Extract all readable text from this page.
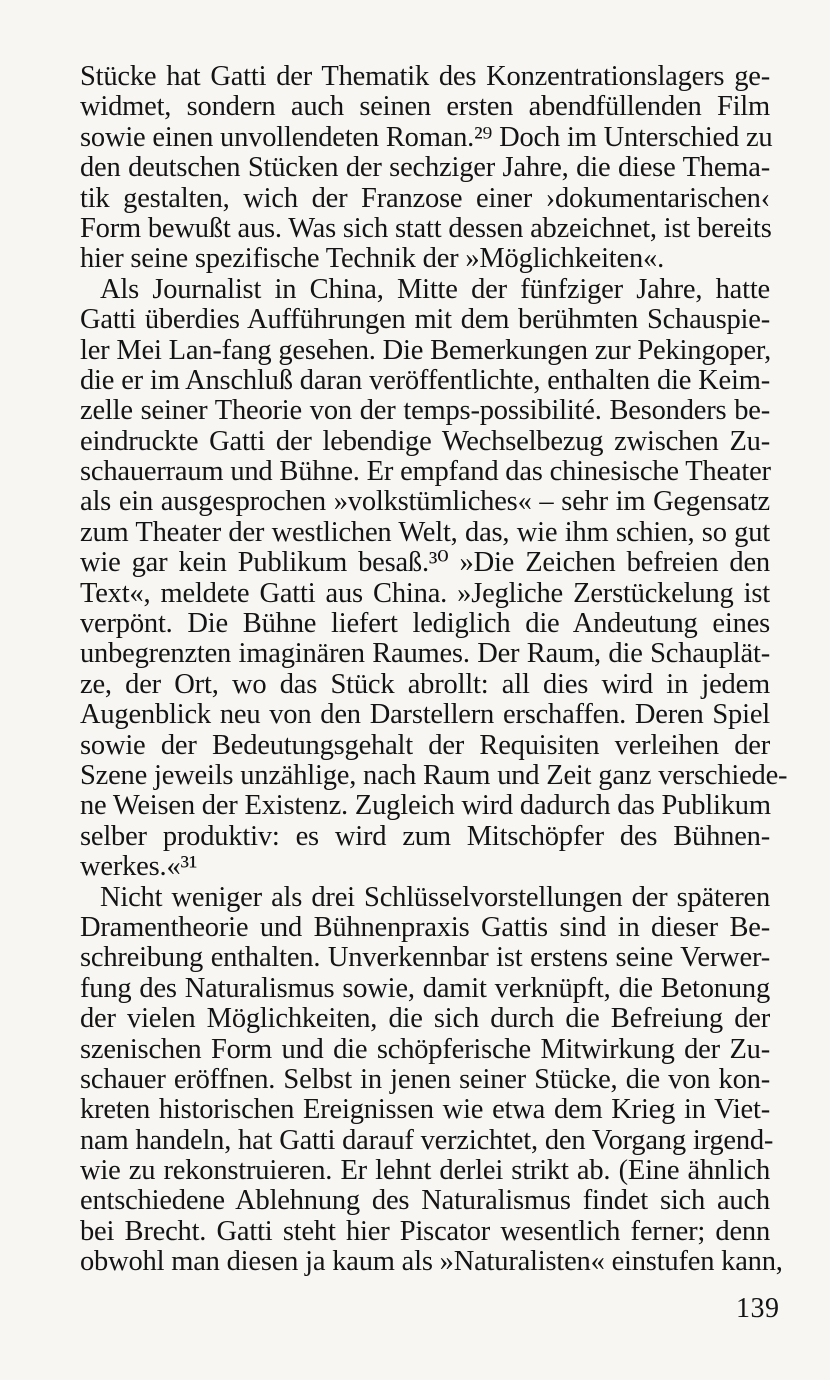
Stücke hat Gatti der Thematik des Konzentrationslagers ge-
widmet, sondern auch seinen ersten abendfüllenden Film
sowie einen unvollendeten Roman.²⁹ Doch im Unterschied zu
den deutschen Stücken der sechziger Jahre, die diese Thema-
tik gestalten, wich der Franzose einer ›dokumentarischen‹
Form bewußt aus. Was sich statt dessen abzeichnet, ist bereits
hier seine spezifische Technik der »Möglichkeiten«.
Als Journalist in China, Mitte der fünfziger Jahre, hatte
Gatti überdies Aufführungen mit dem berühmten Schauspie-
ler Mei Lan-fang gesehen. Die Bemerkungen zur Pekingoper,
die er im Anschluß daran veröffentlichte, enthalten die Keim-
zelle seiner Theorie von der temps-possibilité. Besonders be-
eindruckte Gatti der lebendige Wechselbezug zwischen Zu-
schauerraum und Bühne. Er empfand das chinesische Theater
als ein ausgesprochen »volkstümliches« – sehr im Gegensatz
zum Theater der westlichen Welt, das, wie ihm schien, so gut
wie gar kein Publikum besaß.³⁰ »Die Zeichen befreien den
Text«, meldete Gatti aus China. »Jegliche Zerstückelung ist
verpönt. Die Bühne liefert lediglich die Andeutung eines
unbegrenzten imaginären Raumes. Der Raum, die Schauplät-
ze, der Ort, wo das Stück abrollt: all dies wird in jedem
Augenblick neu von den Darstellern erschaffen. Deren Spiel
sowie der Bedeutungsgehalt der Requisiten verleihen der
Szene jeweils unzählige, nach Raum und Zeit ganz verschiede-
ne Weisen der Existenz. Zugleich wird dadurch das Publikum
selber produktiv: es wird zum Mitschöpfer des Bühnen-
werkes.«³¹
Nicht weniger als drei Schlüsselvorstellungen der späteren
Dramentheorie und Bühnenpraxis Gattis sind in dieser Be-
schreibung enthalten. Unverkennbar ist erstens seine Verwer-
fung des Naturalismus sowie, damit verknüpft, die Betonung
der vielen Möglichkeiten, die sich durch die Befreiung der
szenischen Form und die schöpferische Mitwirkung der Zu-
schauer eröffnen. Selbst in jenen seiner Stücke, die von kon-
kreten historischen Ereignissen wie etwa dem Krieg in Viet-
nam handeln, hat Gatti darauf verzichtet, den Vorgang irgend-
wie zu rekonstruieren. Er lehnt derlei strikt ab. (Eine ähnlich
entschiedene Ablehnung des Naturalismus findet sich auch
bei Brecht. Gatti steht hier Piscator wesentlich ferner; denn
obwohl man diesen ja kaum als »Naturalisten« einstufen kann,
139
